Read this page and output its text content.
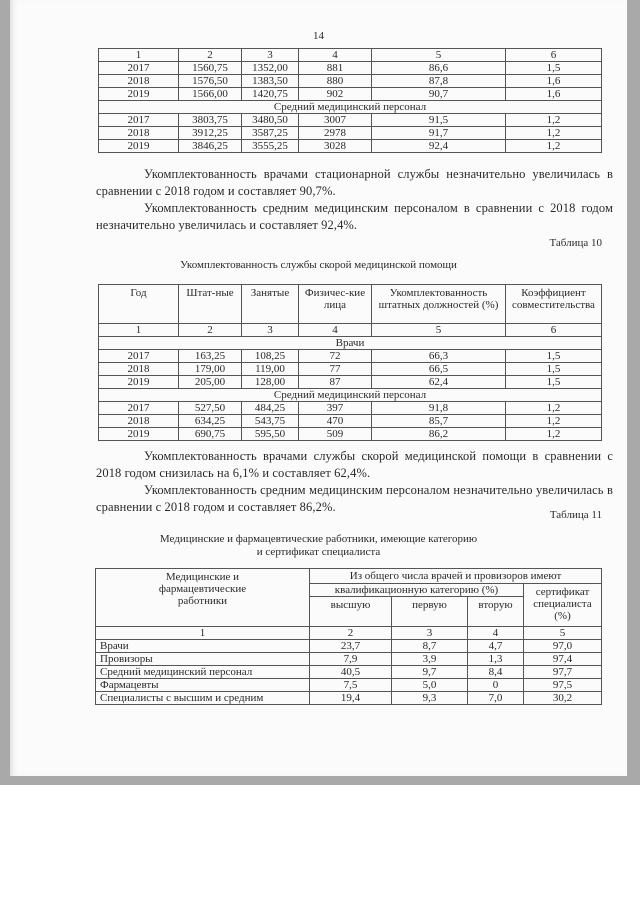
14
1	2	3	4	5	6
2017	1560,75	1352,00	881	86,6	1,5
2018	1576,50	1383,50	880	87,8	1,6
2019	1566,00	1420,75	902	90,7	1,6
Средний медицинский персонал					
2017	3803,75	3480,50	3007	91,5	1,2
2018	3912,25	3587,25	2978	91,7	1,2
2019	3846,25	3555,25	3028	92,4	1,2

Укомплектованность врачами стационарной службы незначительно увеличилась в сравнении с 2018 годом и составляет 90,7%.

Укомплектованность средним медицинским персоналом в сравнении с 2018 годом незначительно увеличилась и составляет 92,4%.

Таблица 10
Укомплектованность службы скорой медицинской помощи
Год	Штат-ные	Занятые	Физичес-кие лица	Укомплектованность штатных должностей (%)	Коэффициент совместительства
1	2	3	4	5	6
Врачи					
2017	163,25	108,25	72	66,3	1,5
2018	179,00	119,00	77	66,5	1,5
2019	205,00	128,00	87	62,4	1,5
Средний медицинский персонал					
2017	527,50	484,25	397	91,8	1,2
2018	634,25	543,75	470	85,7	1,2
2019	690,75	595,50	509	86,2	1,2

Укомплектованность врачами службы скорой медицинской помощи в сравнении с 2018 годом снизилась на 6,1% и составляет 62,4%.

Укомплектованность средним медицинским персоналом незначительно увеличилась в сравнении с 2018 годом и составляет 86,2%.

Таблица 11
Медицинские и фармацевтические работники, имеющие категорию
и сертификат специалиста
Медицинские и фармацевтические работники	Из общего числа врачей и провизоров имеют			
	квалификационную категорию (%)			сертификат специалиста (%)
	высшую	первую	вторую	
1	2	3	4	5
Врачи	23,7	8,7	4,7	97,0
Провизоры	7,9	3,9	1,3	97,4
Средний медицинский персонал	40,5	9,7	8,4	97,7
Фармацевты	7,5	5,0	0	97,5
Специалисты с высшим и средним	19,4	9,3	7,0	30,2
